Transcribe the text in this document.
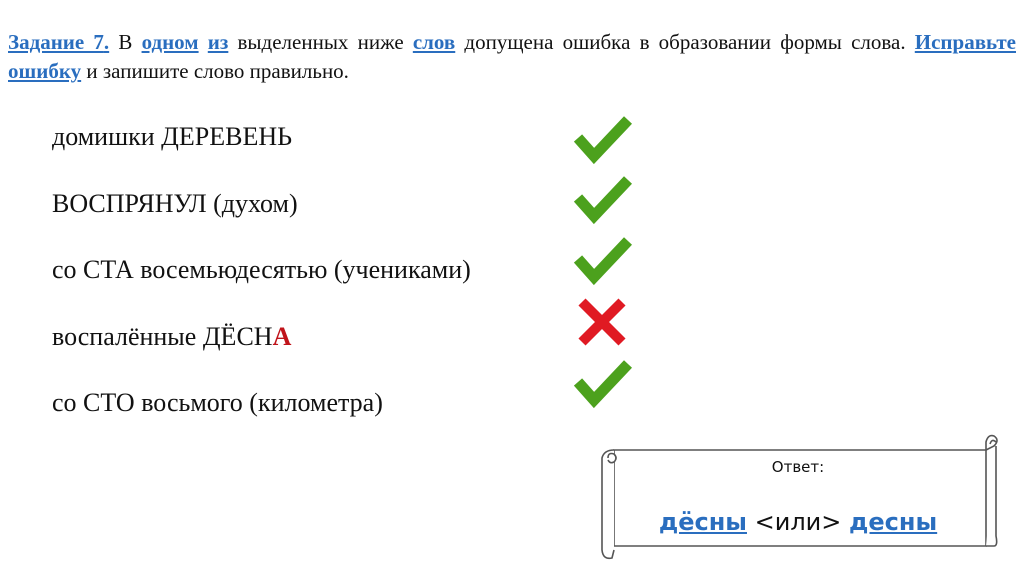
Задание 7. В одном из выделенных ниже слов допущена ошибка в образовании формы слова. Исправьте ошибку и запишите слово правильно.
домишки ДЕРЕВЕНЬ
ВОСПРЯНУЛ (духом)
со СТА восемьюдесятью (учениками)
воспалённые ДЁСНА
со СТО восьмого (километра)
Ответ:
дёсны <или> десны
